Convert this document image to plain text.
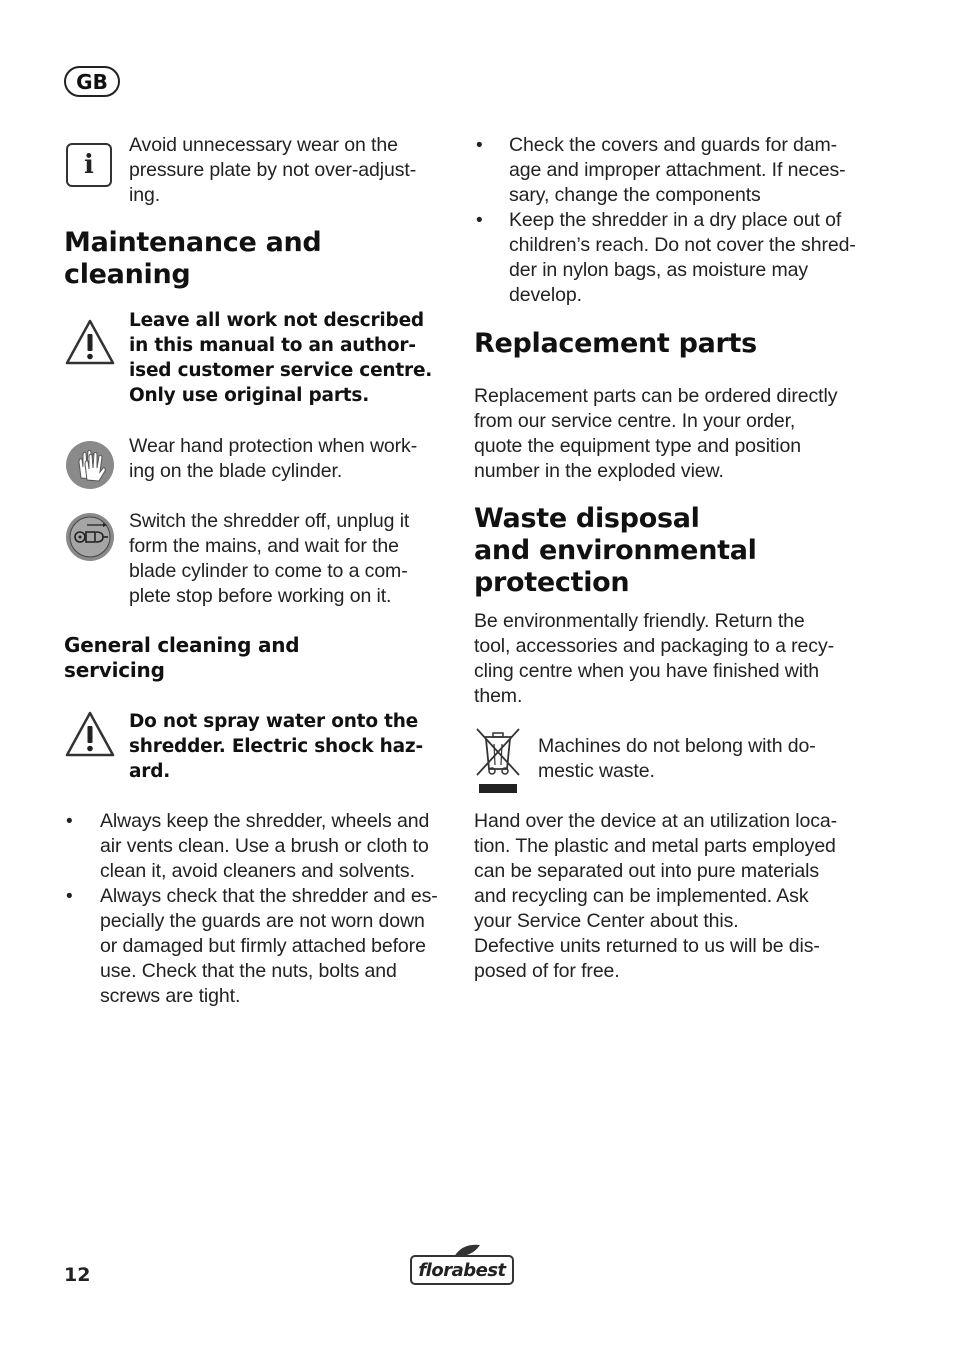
GB
i
Avoid unnecessary wear on the
pressure plate by not over-adjust-
ing.
Maintenance and
cleaning
Leave all work not described
in this manual to an author-
ised customer service centre.
Only use original parts.
Wear hand protection when work-
ing on the blade cylinder.
Switch the shredder off, unplug it
form the mains, and wait for the
blade cylinder to come to a com-
plete stop before working on it.
General cleaning and
servicing
Do not spray water onto the
shredder. Electric shock haz-
ard.
• Always keep the shredder, wheels and
air vents clean. Use a brush or cloth to
clean it, avoid cleaners and solvents.
• Always check that the shredder and es-
pecially the guards are not worn down
or damaged but firmly attached before
use. Check that the nuts, bolts and
screws are tight.
• Check the covers and guards for dam-
age and improper attachment. If neces-
sary, change the components
• Keep the shredder in a dry place out of
children’s reach. Do not cover the shred-
der in nylon bags, as moisture may
develop.
Replacement parts
Replacement parts can be ordered directly
from our service centre. In your order,
quote the equipment type and position
number in the exploded view.
Waste disposal
and environmental
protection
Be environmentally friendly. Return the
tool, accessories and packaging to a recy-
cling centre when you have finished with
them.
Machines do not belong with do-
mestic waste.
Hand over the device at an utilization loca-
tion. The plastic and metal parts employed
can be separated out into pure materials
and recycling can be implemented. Ask
your Service Center about this.
Defective units returned to us will be dis-
posed of for free.
12	florabest
